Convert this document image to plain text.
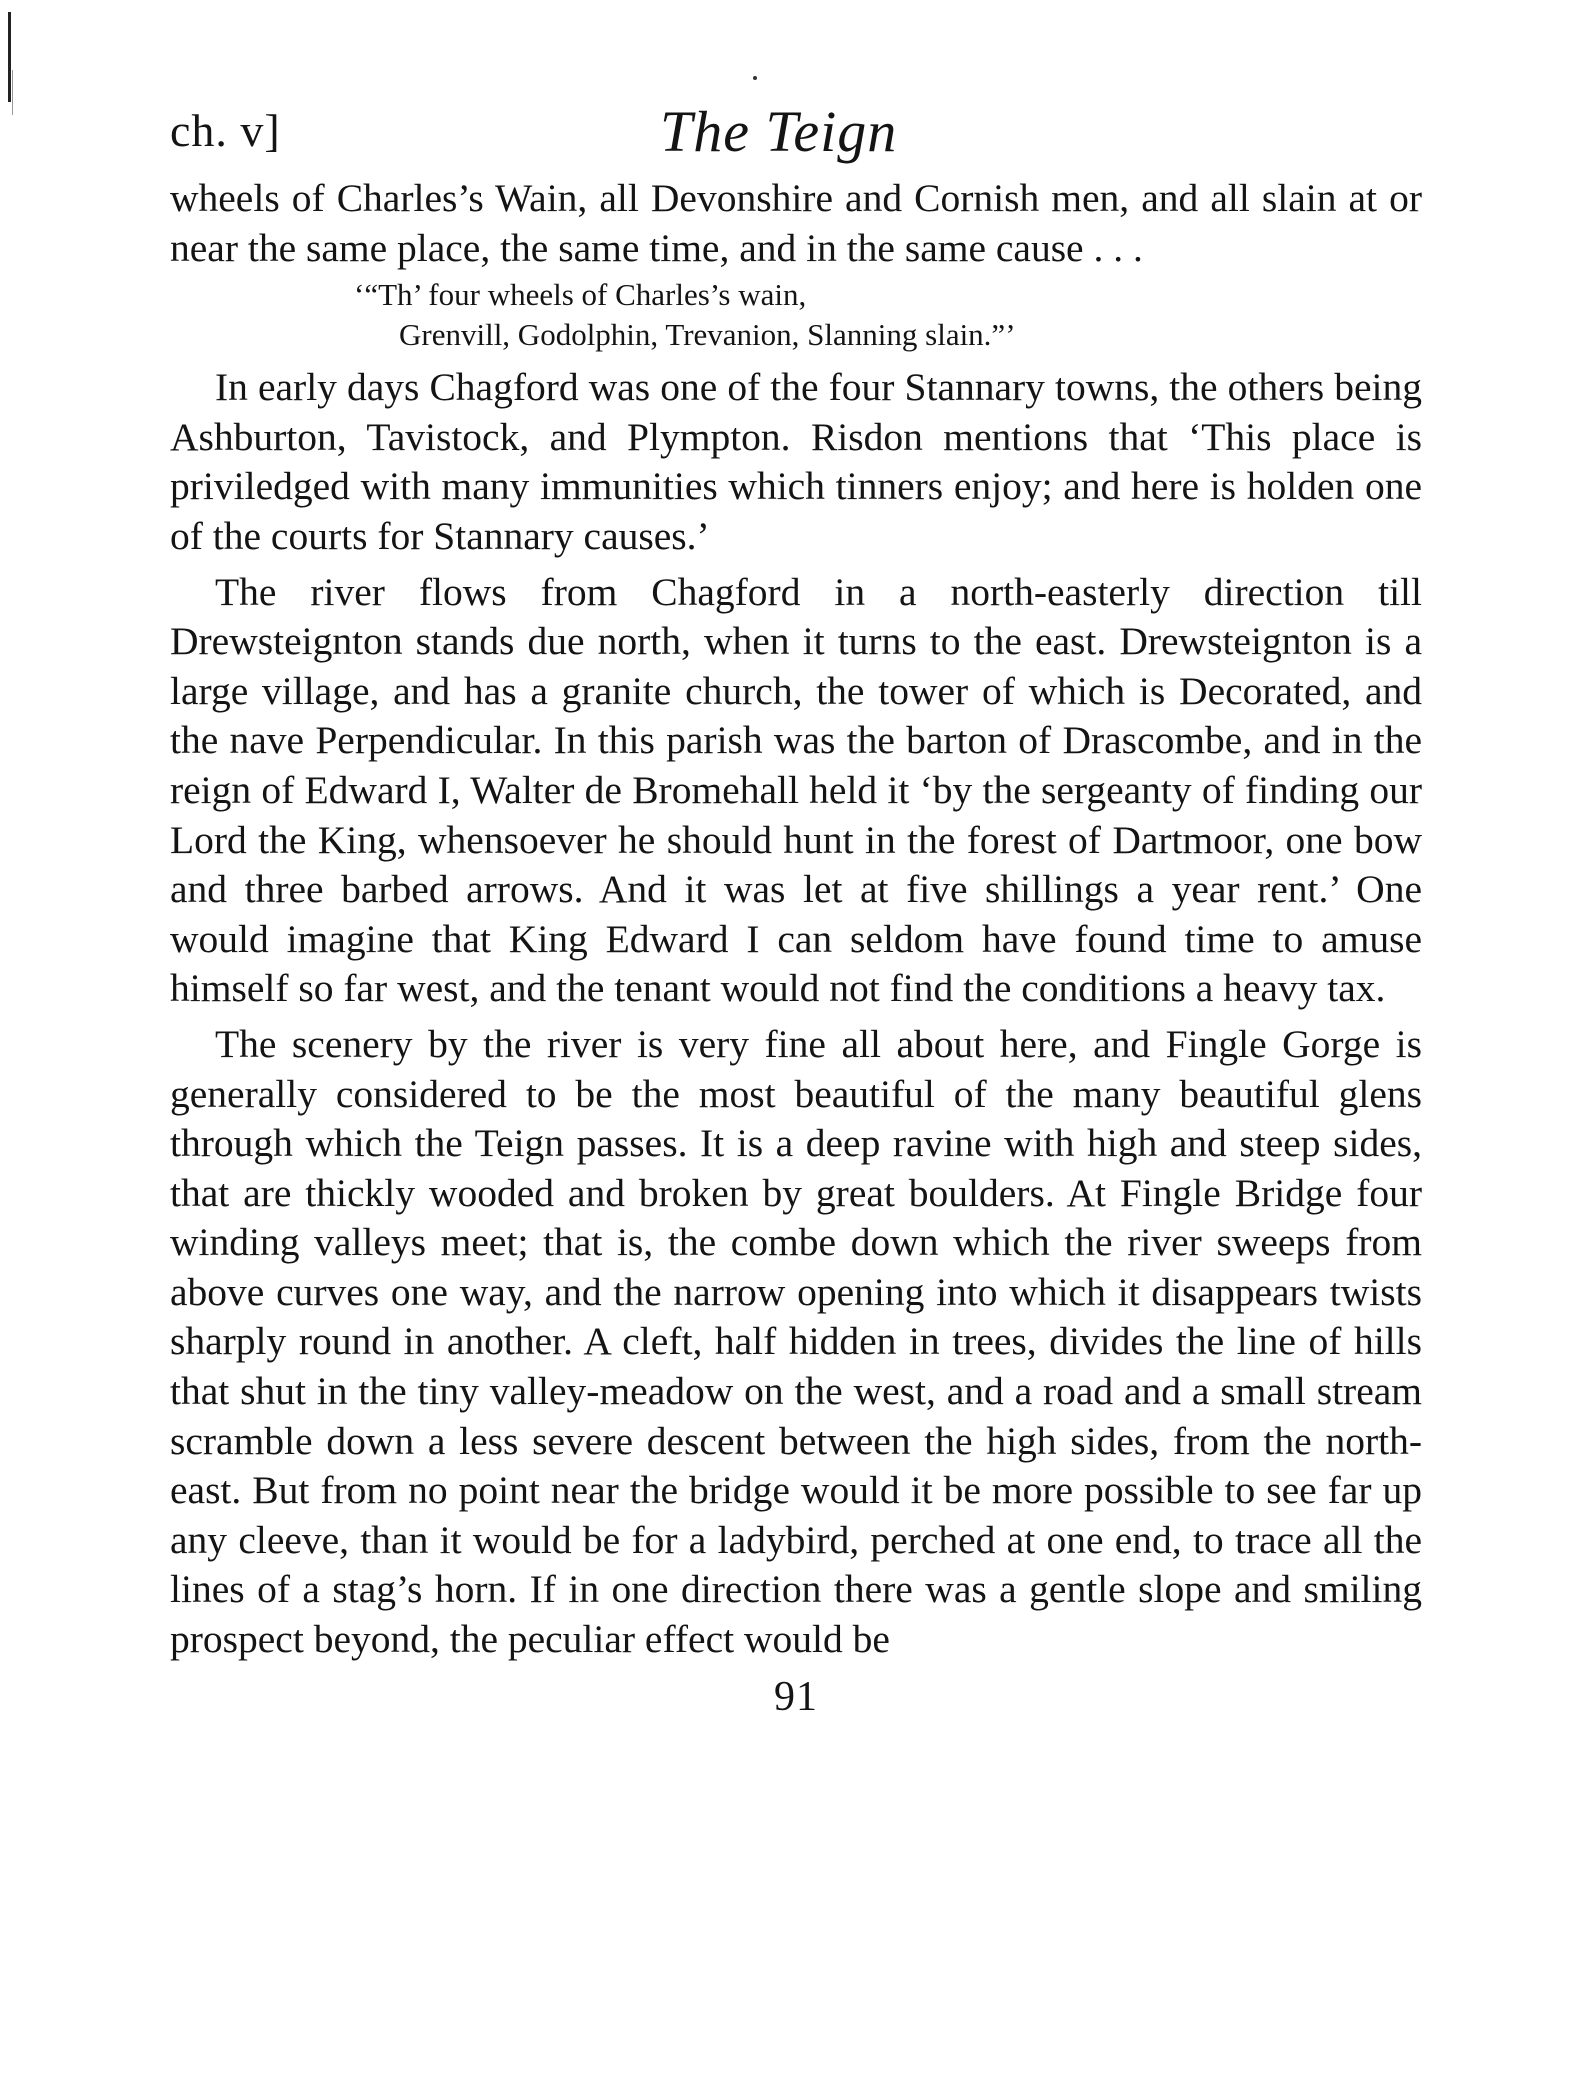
ch. v]	The Teign

wheels of Charles’s Wain, all Devonshire and Cornish men, and all slain at or near the same place, the same time, and in the same cause . . .

‘“Th’ four wheels of Charles’s wain,
Grenvill, Godolphin, Trevanion, Slanning slain.”’

In early days Chagford was one of the four Stannary towns, the others being Ashburton, Tavistock, and Plympton. Risdon mentions that ‘This place is priviledged with many immunities which tinners enjoy; and here is holden one of the courts for Stannary causes.’

The river flows from Chagford in a north-easterly direction till Drewsteignton stands due north, when it turns to the east. Drewsteignton is a large village, and has a granite church, the tower of which is Decorated, and the nave Perpendicular. In this parish was the barton of Drascombe, and in the reign of Edward I, Walter de Bromehall held it ‘by the sergeanty of finding our Lord the King, whensoever he should hunt in the forest of Dartmoor, one bow and three barbed arrows. And it was let at five shillings a year rent.’ One would imagine that King Edward I can seldom have found time to amuse himself so far west, and the tenant would not find the conditions a heavy tax.

The scenery by the river is very fine all about here, and Fingle Gorge is generally considered to be the most beautiful of the many beautiful glens through which the Teign passes. It is a deep ravine with high and steep sides, that are thickly wooded and broken by great boulders. At Fingle Bridge four winding valleys meet; that is, the combe down which the river sweeps from above curves one way, and the narrow opening into which it disappears twists sharply round in another. A cleft, half hidden in trees, divides the line of hills that shut in the tiny valley-meadow on the west, and a road and a small stream scramble down a less severe descent between the high sides, from the north-east. But from no point near the bridge would it be more possible to see far up any cleeve, than it would be for a ladybird, perched at one end, to trace all the lines of a stag’s horn. If in one direction there was a gentle slope and smiling prospect beyond, the peculiar effect would be

91
